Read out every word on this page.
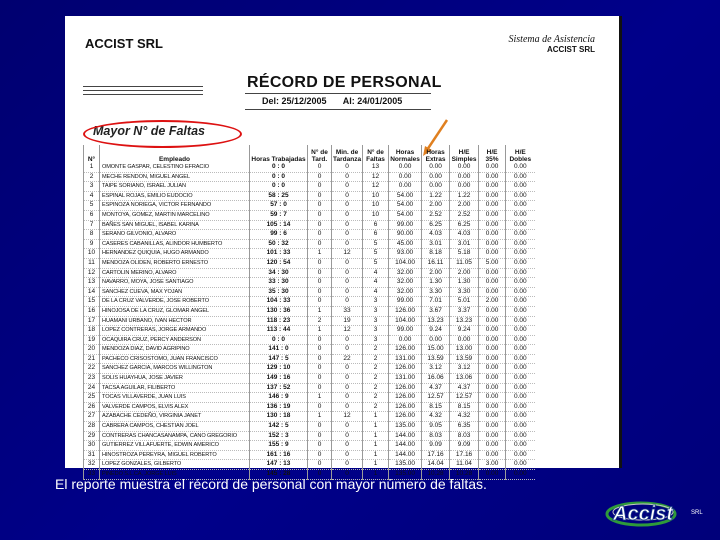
ACCIST SRL	Sistema de Asistencia
ACCIST SRL
RÉCORD DE PERSONAL
Del: 25/12/2005 Al: 24/01/2005
Mayor N° de Faltas
N°	Empleado	Horas Trabajadas	N° de Tard.	Min. de Tardanza	N° de Faltas	Horas Normales	Horas Extras	H/E Simples	H/E 35%	H/E Dobles
1	OMONTE GASPAR, CELESTINO EFRACIO	0 : 0	0	0	13	0.00	0.00	0.00	0.00	0.00
2	MECHE RENDON, MIGUEL ANGEL	0 : 0	0	0	12	0.00	0.00	0.00	0.00	0.00
3	TAIPE SORIANO, ISRAEL JULIAN	0 : 0	0	0	12	0.00	0.00	0.00	0.00	0.00
4	ESPINAL ROJAS, EMILIO EUDOCIO	58 : 25	0	0	10	54.00	1.22	1.22	0.00	0.00
5	ESPINOZA NORIEGA, VICTOR FERNANDO	57 : 0	0	0	10	54.00	2.00	2.00	0.00	0.00
6	MONTOYA, GOMEZ, MARTIN MARCELINO	59 : 7	0	0	10	54.00	2.52	2.52	0.00	0.00
7	BAÑES SAN MIGUEL, ISABEL KARINA	105 : 14	0	0	6	99.00	6.25	6.25	0.00	0.00
8	SERANO GILVONIO, ALVARO	99 : 6	0	0	6	90.00	4.03	4.03	0.00	0.00
9	CASERES CABANILLAS, ALINDOR HUMBERTO	50 : 32	0	0	5	45.00	3.01	3.01	0.00	0.00
10	HERNANDEZ QUIQUIA, HUGO ARMANDO	101 : 33	1	12	5	93.00	8.18	5.18	0.00	0.00
11	MENDOZA OLIDEN, ROBERTO ERNESTO	120 : 54	0	0	5	104.00	16.11	11.05	5.00	0.00
12	CARTOLIN MERINO, ALVARO	34 : 30	0	0	4	32.00	2.00	2.00	0.00	0.00
13	NAVARRO, MOYA, JOSE SANTIAGO	33 : 30	0	0	4	32.00	1.30	1.30	0.00	0.00
14	SANCHEZ CUEVA, MAX YOJAN	35 : 30	0	0	4	32.00	3.30	3.30	0.00	0.00
15	DE LA CRUZ VALVERDE, JOSE ROBERTO	104 : 33	0	0	3	99.00	7.01	5.01	2.00	0.00
16	HINOJOSA DE LA CRUZ, GLOMAR ANGEL	130 : 36	1	33	3	126.00	3.67	3.37	0.00	0.00
17	HUAMANI URBANO, IVAN HECTOR	118 : 23	2	19	3	104.00	13.23	13.23	0.00	0.00
18	LOPEZ CONTRERAS, JORGE ARMANDO	113 : 44	1	12	3	99.00	9.24	9.24	0.00	0.00
19	OCAQUIRA CRUZ, PERCY ANDERSON	0 : 0	0	0	3	0.00	0.00	0.00	0.00	0.00
20	MENDOZA DIAZ, DAVID AGRIPINO	141 : 0	0	0	2	126.00	15.00	13.00	0.00	0.00
21	PACHECO CRISOSTOMO, JUAN FRANCISCO	147 : 5	0	22	2	131.00	13.59	13.59	0.00	0.00
22	SANCHEZ GARCIA, MARCOS WILLINGTON	129 : 10	0	0	2	126.00	3.12	3.12	0.00	0.00
23	SOLIS HUAYHUA, JOSE JAVIER	149 : 16	0	0	2	131.00	16.06	13.06	0.00	0.00
24	TACSA AGUILAR, FILIBERTO	137 : 52	0	0	2	126.00	4.37	4.37	0.00	0.00
25	TOCAS VILLAVERDE, JUAN LUIS	146 : 9	1	0	2	126.00	12.57	12.57	0.00	0.00
26	VALVERDE CAMPOS, ELVIS ALEX	136 : 19	0	0	2	126.00	8.15	8.15	0.00	0.00
27	AZABACHE CEDEÑO, VIRGINIA JANET	130 : 18	1	12	1	126.00	4.32	4.32	0.00	0.00
28	CABRERA CAMPOS, CHESTIAN JOEL	142 : 5	0	0	1	135.00	9.05	6.35	0.00	0.00
29	CONTRERAS CHANCASANAMPA, CANO GREGORIO	152 : 3	0	0	1	144.00	8.03	8.03	0.00	0.00
30	GUTIERREZ VILLAFUERTE, EDWIN AMERICO	155 : 9	0	0	1	144.00	9.09	9.09	0.00	0.00
31	HINOSTROZA PEREYRA, MIGUEL ROBERTO	161 : 16	0	0	1	144.00	17.16	17.16	0.00	0.00
32	LOPEZ GONZALES, GILBERTO	147 : 13	0	0	1	135.00	14.04	11.04	3.00	0.00
33	PINEDO S.L.CA, JORGE LUIS	145 : 28	0	0	1	135.00	10.28	10.28	0.00	0.00
El reporte muestra el récord de personal con mayor número de faltas.
Accist	SRL
